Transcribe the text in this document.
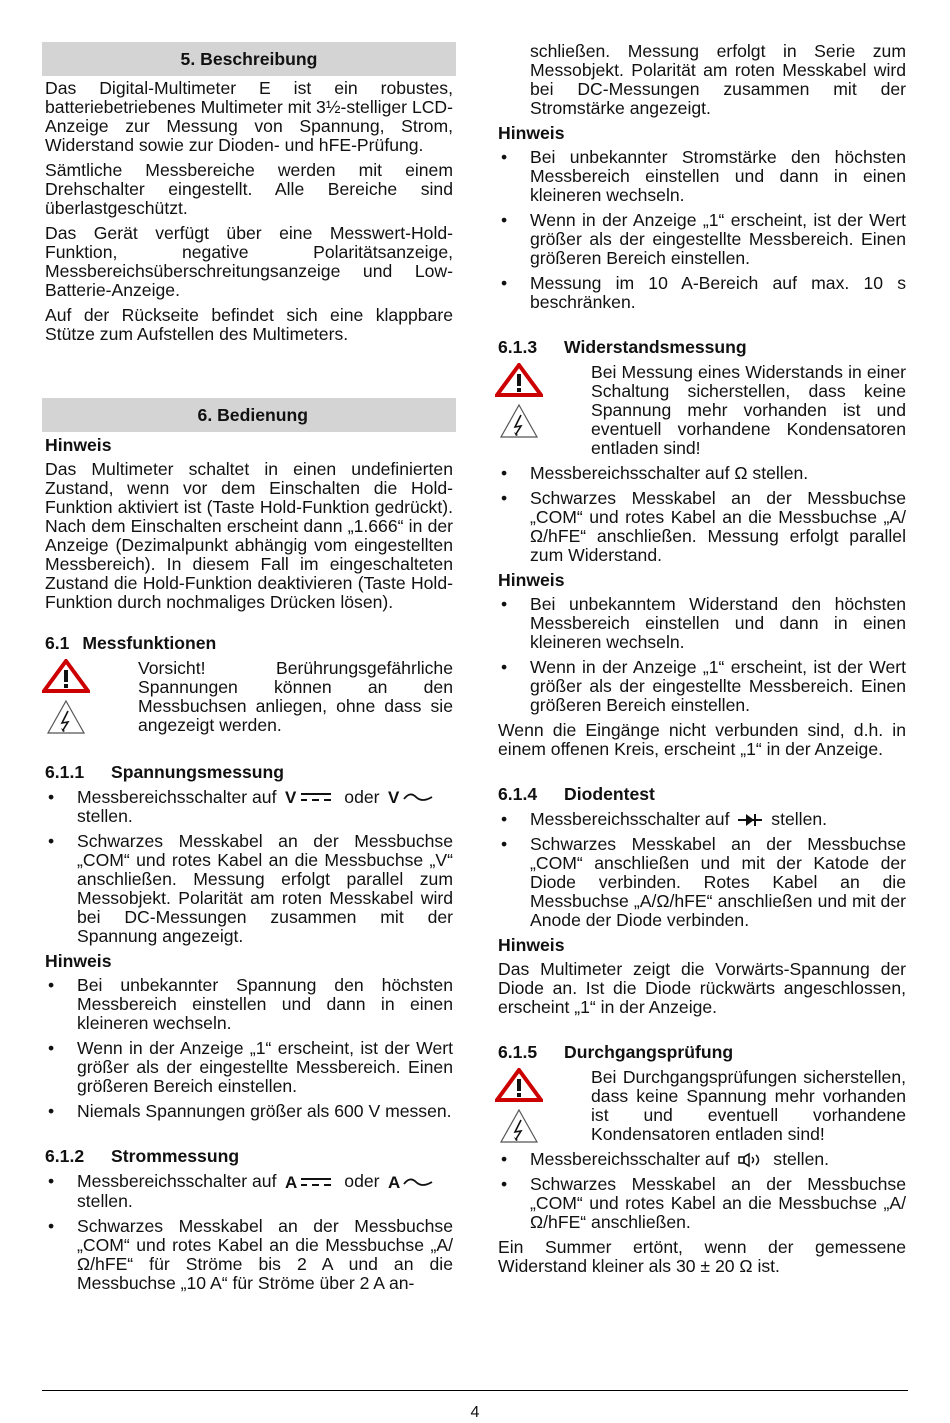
5. Beschreibung

Das Digital-Multimeter E ist ein robustes, batteriebetriebenes Multimeter mit 3½-stelliger LCD-Anzeige zur Messung von Spannung, Strom, Widerstand sowie zur Dioden- und hFE-Prüfung.

Sämtliche Messbereiche werden mit einem Drehschalter eingestellt. Alle Bereiche sind überlastgeschützt.

Das Gerät verfügt über eine Messwert-Hold-Funktion, negative Polaritätsanzeige, Messbereichsüberschreitungsanzeige und Low-Batterie-Anzeige.

Auf der Rückseite befindet sich eine klappbare Stütze zum Aufstellen des Multimeters.

6. Bedienung
Hinweis

Das Multimeter schaltet in einen undefinierten Zustand, wenn vor dem Einschalten die Hold-Funktion aktiviert ist (Taste Hold-Funktion gedrückt). Nach dem Einschalten erscheint dann „1.666“ in der Anzeige (Dezimalpunkt abhängig vom eingestellten Messbereich). In diesem Fall im eingeschalteten Zustand die Hold-Funktion deaktivieren (Taste Hold-Funktion durch nochmaliges Drücken lösen).

6.1 Messfunktionen
Vorsicht! Berührungsgefährliche Spannungen können an den Messbuchsen anliegen, ohne dass sie angezeigt werden.
6.1.1 Spannungsmessung
• Messbereichsschalter auf V	oder V

stellen.
• Schwarzes Messkabel an der Messbuchse „COM“ und rotes Kabel an die Messbuchse „V“ anschließen. Messung erfolgt parallel zum Messobjekt. Polarität am roten Messkabel wird bei DC-Messungen zusammen mit der Spannung angezeigt.
Hinweis
• Bei unbekannter Spannung den höchsten Messbereich einstellen und dann in einen kleineren wechseln.
• Wenn in der Anzeige „1“ erscheint, ist der Wert größer als der eingestellte Messbereich. Einen größeren Bereich einstellen.
• Niemals Spannungen größer als 600 V messen.
6.1.2 Strommessung
• Messbereichsschalter auf A	oder A

stellen.
• Schwarzes Messkabel an der Messbuchse „COM“ und rotes Kabel an die Messbuchse „A/Ω/hFE“ für Ströme bis 2 A und an die Messbuchse „10 A“ für Ströme über 2 A an-

schließen. Messung erfolgt in Serie zum Messobjekt. Polarität am roten Messkabel wird bei DC-Messungen zusammen mit der Stromstärke angezeigt.

Hinweis
• Bei unbekannter Stromstärke den höchsten Messbereich einstellen und dann in einen kleineren wechseln.
• Wenn in der Anzeige „1“ erscheint, ist der Wert größer als der eingestellte Messbereich. Einen größeren Bereich einstellen.
• Messung im 10 A-Bereich auf max. 10 s beschränken.
6.1.3 Widerstandsmessung
Bei Messung eines Widerstands in einer Schaltung sicherstellen, dass keine Spannung mehr vorhanden ist und eventuell vorhandene Kondensatoren entladen sind!
• Messbereichsschalter auf Ω stellen.
• Schwarzes Messkabel an der Messbuchse „COM“ und rotes Kabel an die Messbuchse „A/Ω/hFE“ anschließen. Messung erfolgt parallel zum Widerstand.
Hinweis
• Bei unbekanntem Widerstand den höchsten Messbereich einstellen und dann in einen kleineren wechseln.
• Wenn in der Anzeige „1“ erscheint, ist der Wert größer als der eingestellte Messbereich. Einen größeren Bereich einstellen.

Wenn die Eingänge nicht verbunden sind, d.h. in einem offenen Kreis, erscheint „1“ in der Anzeige.

6.1.4 Diodentest
• Messbereichsschalter auf stellen.
• Schwarzes Messkabel an der Messbuchse „COM“ anschließen und mit der Katode der Diode verbinden. Rotes Kabel an die Messbuchse „A/Ω/hFE“ anschließen und mit der Anode der Diode verbinden.
Hinweis

Das Multimeter zeigt die Vorwärts-Spannung der Diode an. Ist die Diode rückwärts angeschlossen, erscheint „1“ in der Anzeige.

6.1.5 Durchgangsprüfung
Bei Durchgangsprüfungen sicherstellen, dass keine Spannung mehr vorhanden ist und eventuell vorhandene Kondensatoren entladen sind!
• Messbereichsschalter auf stellen.
• Schwarzes Messkabel an der Messbuchse „COM“ und rotes Kabel an die Messbuchse „A/Ω/hFE“ anschließen.

Ein Summer ertönt, wenn der gemessene Widerstand kleiner als 30 ± 20 Ω ist.

4
